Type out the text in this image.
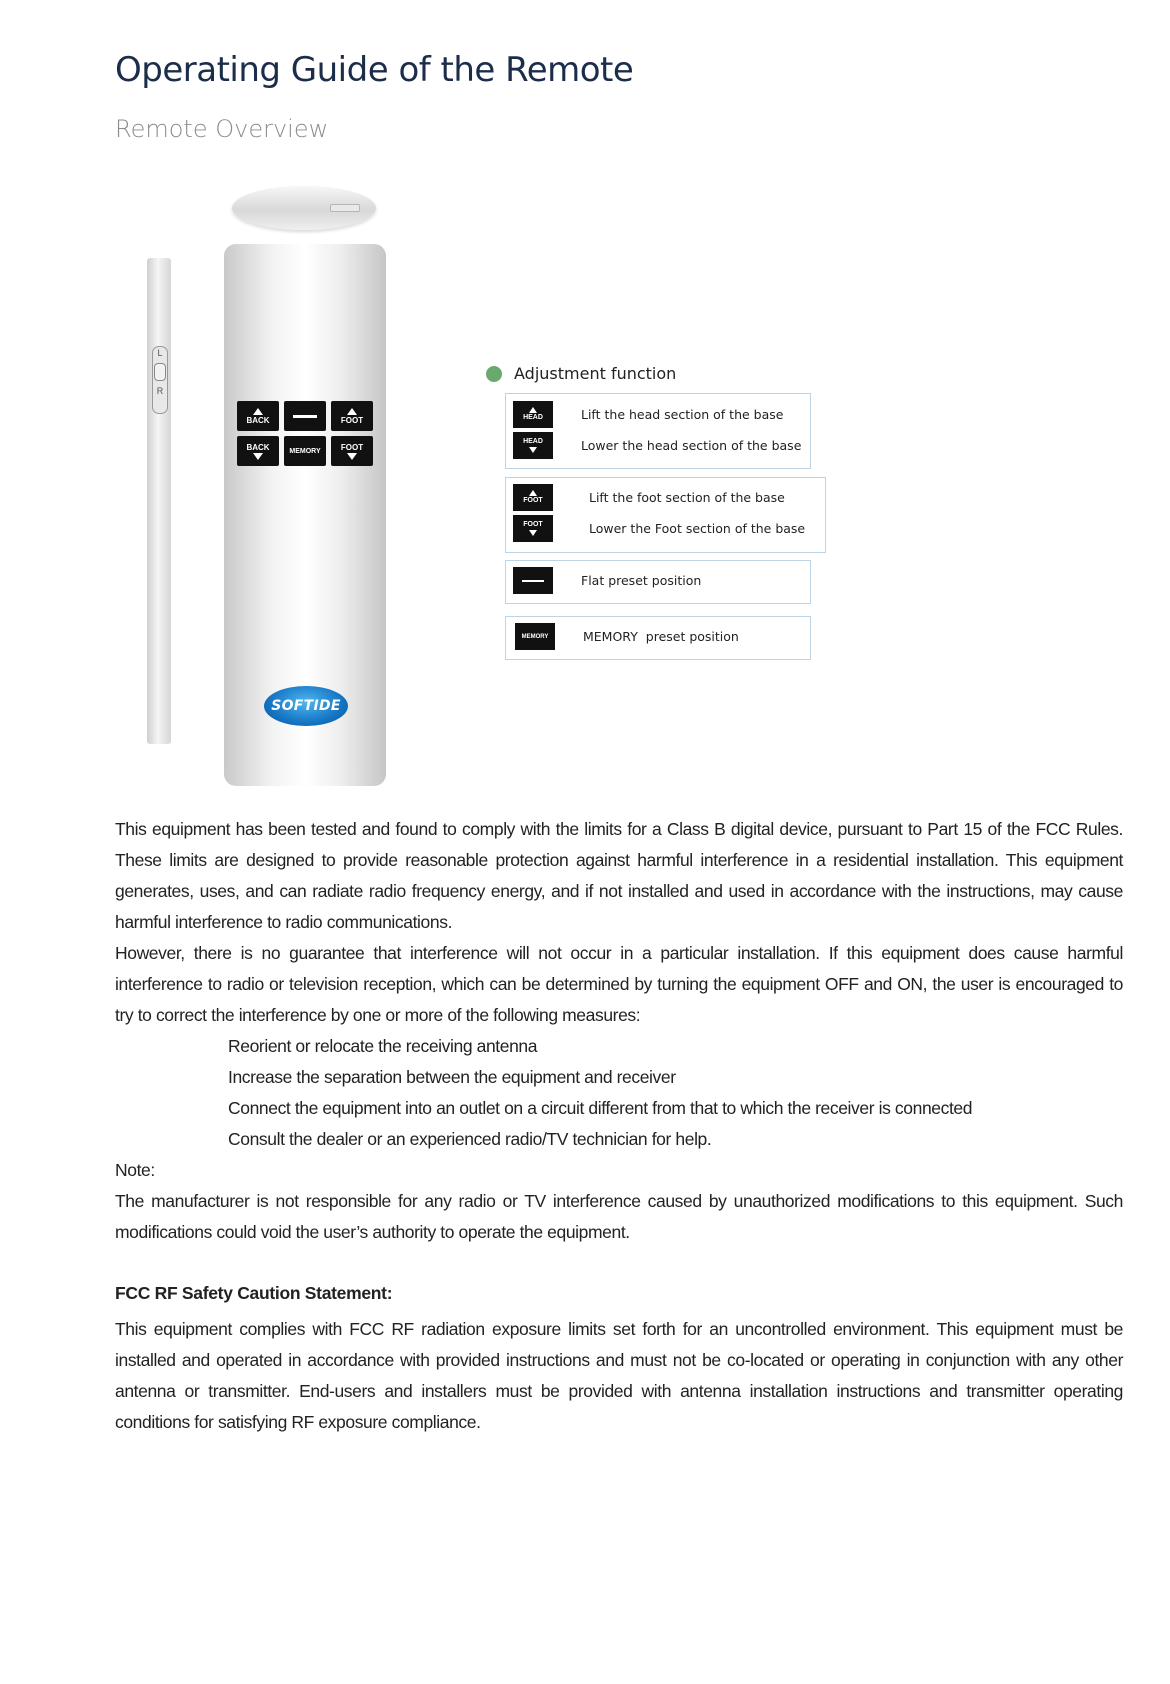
Operating Guide of the Remote
Remote Overview
L
R
BACK	FOOT
BACK	MEMORY	FOOT
SOFTIDE
Adjustment function
HEAD	Lift the head section of the base
HEAD	Lower the head section of the base
FOOT	Lift the foot section of the base
FOOT	Lower the Foot section of the base
Flat preset position
MEMORY	MEMORY  preset position

This equipment has been tested and found to comply with the limits for a Class B digital device, pursuant to Part 15 of the FCC Rules. These limits are designed to provide reasonable protection against harmful interference in a residential installation. This equipment generates, uses, and can radiate radio frequency energy, and if not installed and used in accordance with the instructions, may cause harmful interference to radio communications.

However, there is no guarantee that interference will not occur in a particular installation. If this equipment does cause harmful interference to radio or television reception, which can be determined by turning the equipment OFF and ON, the user is encouraged to try to correct the interference by one or more of the following measures:

Reorient or relocate the receiving antenna

Increase the separation between the equipment and receiver

Connect the equipment into an outlet on a circuit different from that to which the receiver is connected

Consult the dealer or an experienced radio/TV technician for help.

Note:

The manufacturer is not responsible for any radio or TV interference caused by unauthorized modifications to this equipment. Such modifications could void the user’s authority to operate the equipment.

FCC RF Safety Caution Statement:

This equipment complies with FCC RF radiation exposure limits set forth for an uncontrolled environment. This equipment must be installed and operated in accordance with provided instructions and must not be co-located or operating in conjunction with any other antenna or transmitter. End-users and installers must be provided with antenna installation instructions and transmitter operating conditions for satisfying RF exposure compliance.
